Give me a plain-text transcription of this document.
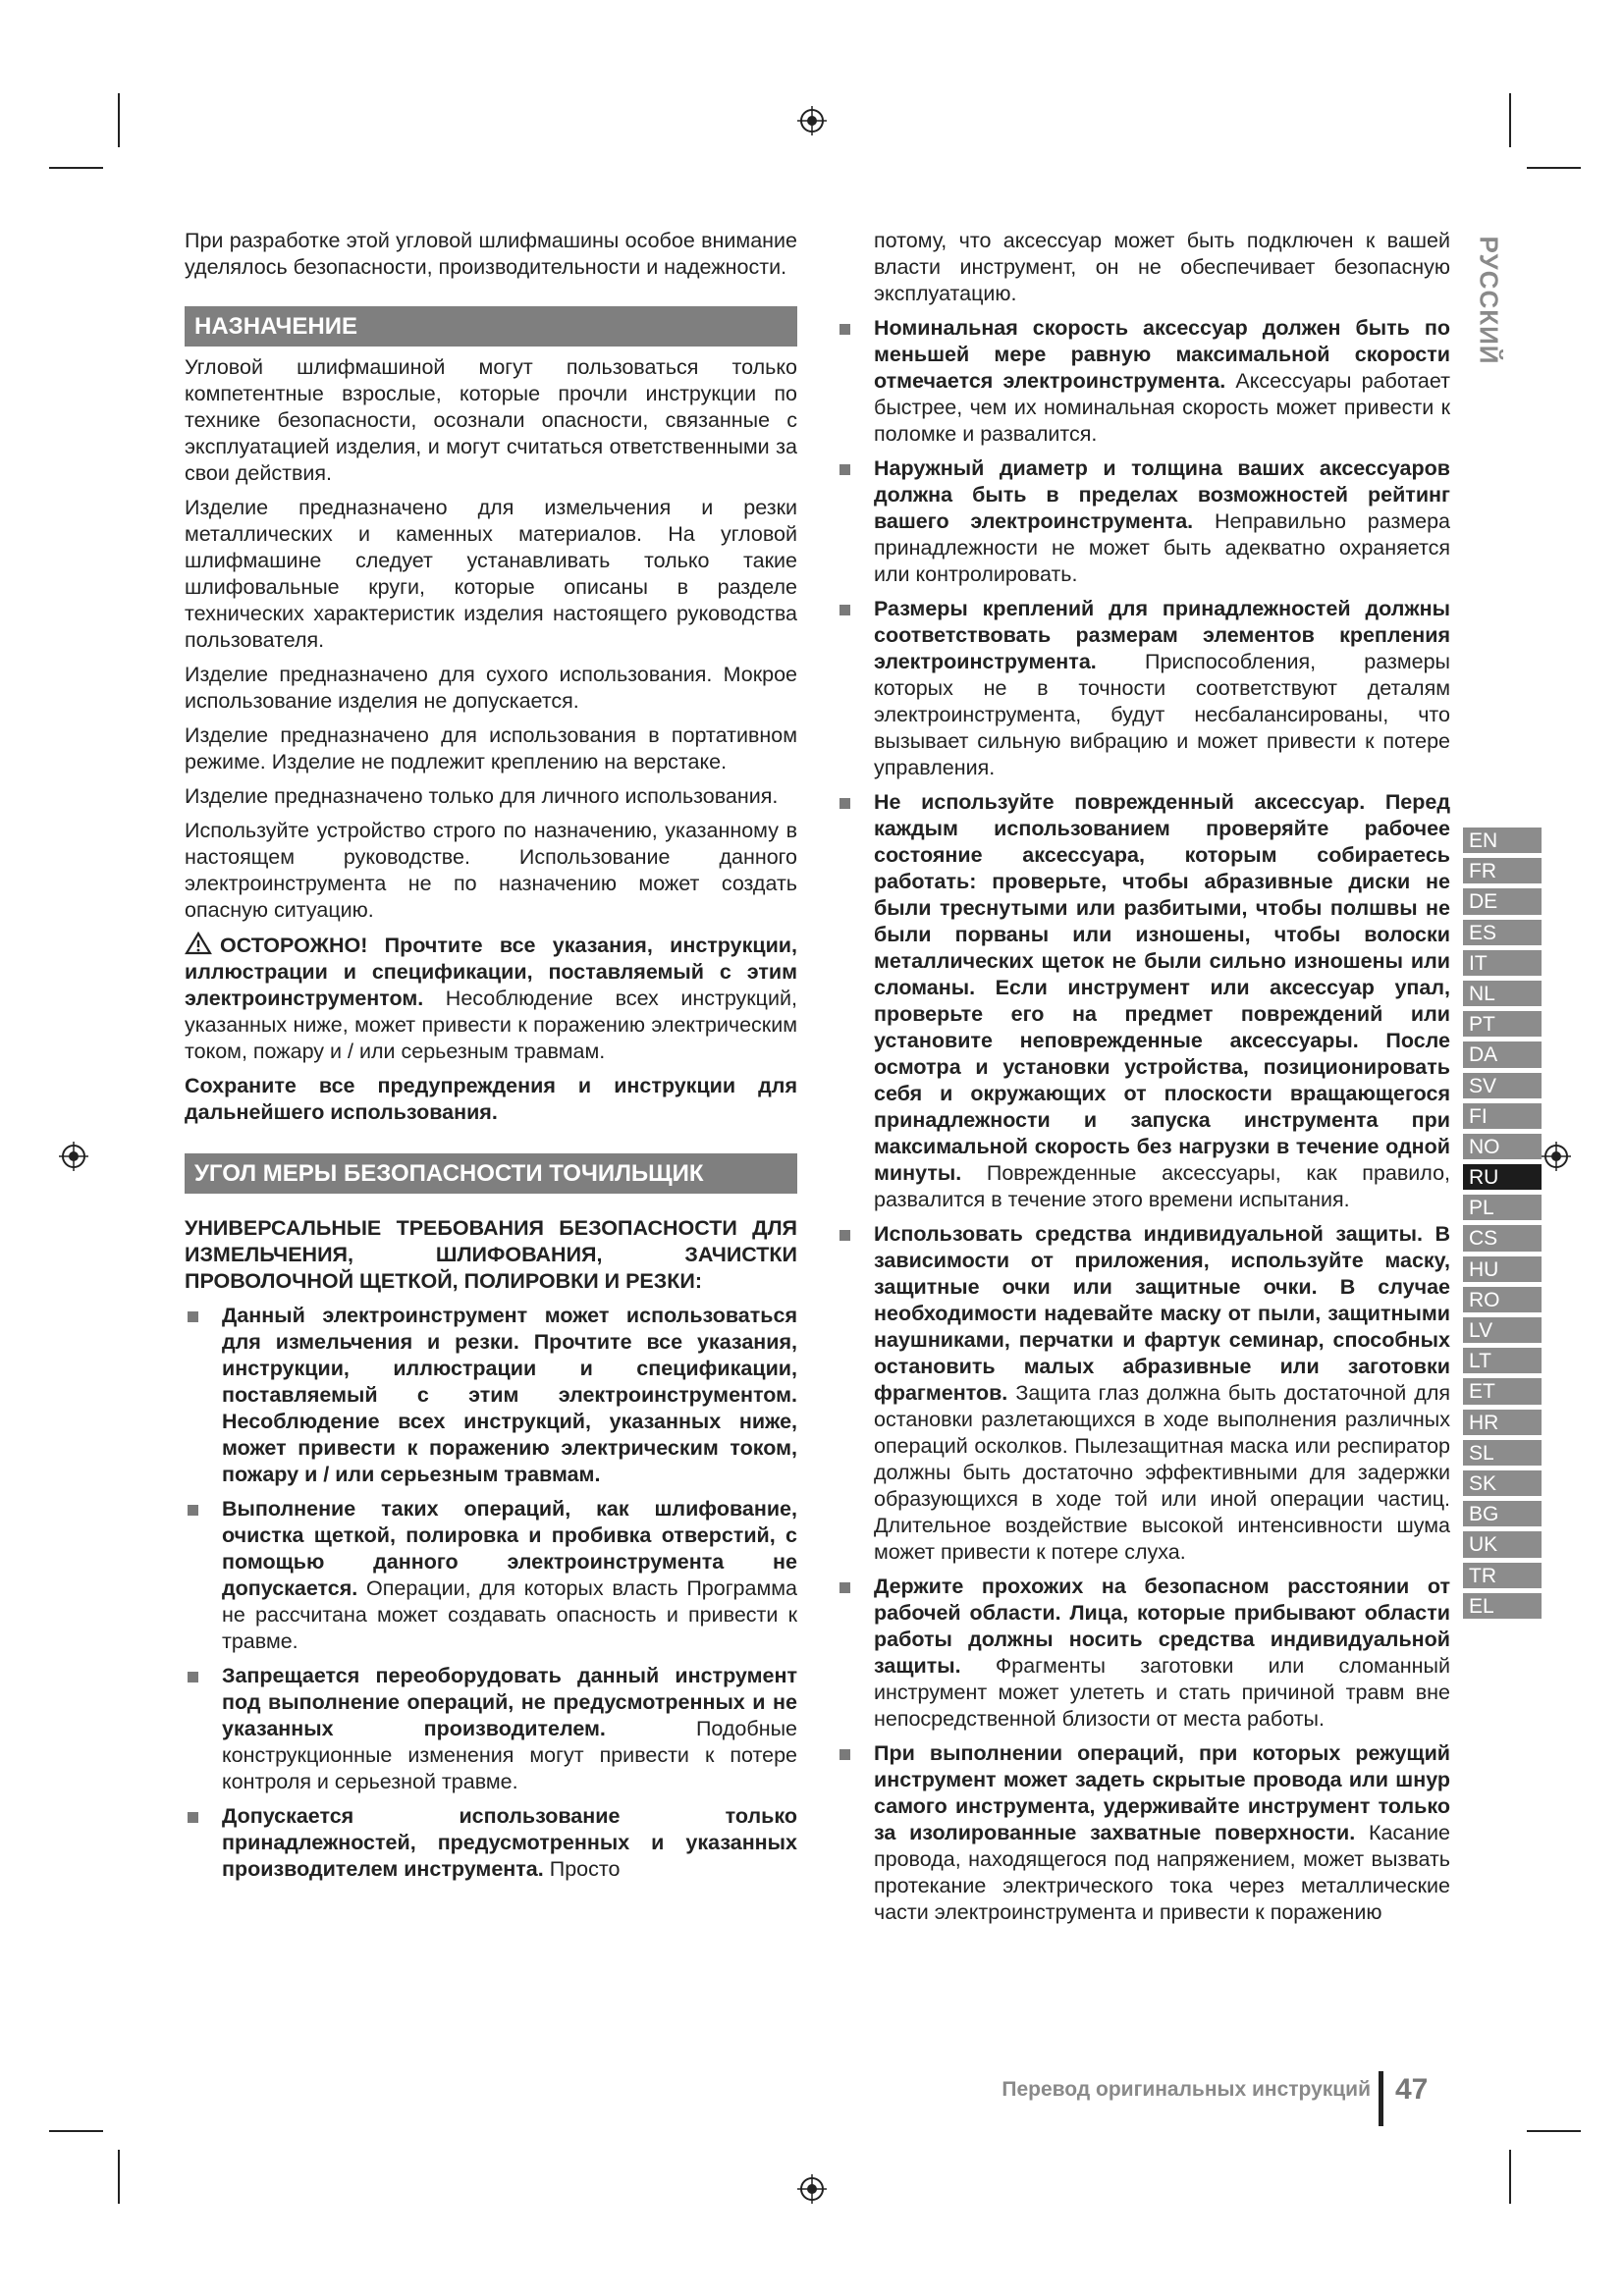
РУССКИЙ

При разработке этой угловой шлифмашины особое внимание уделялось безопасности, производительности и надежности.

НАЗНАЧЕНИЕ

Угловой шлифмашиной могут пользоваться только компетентные взрослые, которые прочли инструкции по технике безопасности, осознали опасности, связанные с эксплуатацией изделия, и могут считаться ответственными за свои действия.

Изделие предназначено для измельчения и резки металлических и каменных материалов. На угловой шлифмашине следует устанавливать только такие шлифовальные круги, которые описаны в разделе технических характеристик изделия настоящего руководства пользователя.

Изделие предназначено для сухого использования. Мокрое использование изделия не допускается.

Изделие предназначено для использования в портативном режиме. Изделие не подлежит креплению на верстаке.

Изделие предназначено только для личного использования.

Используйте устройство строго по назначению, указанному в настоящем руководстве. Использование данного электроинструмента не по назначению может создать опасную ситуацию.

ОСТОРОЖНО! Прочтите все указания, инструкции, иллюстрации и спецификации, поставляемый с этим электроинструментом. Несоблюдение всех инструкций, указанных ниже, может привести к поражению электрическим током, пожару и / или серьезным травмам.

Сохраните все предупреждения и инструкции для дальнейшего использования.

УГОЛ МЕРЫ БЕЗОПАСНОСТИ ТОЧИЛЬЩИК

УНИВЕРСАЛЬНЫЕ ТРЕБОВАНИЯ БЕЗОПАСНОСТИ ДЛЯ ИЗМЕЛЬЧЕНИЯ, ШЛИФОВАНИЯ, ЗАЧИСТКИ ПРОВОЛОЧНОЙ ЩЕТКОЙ, ПОЛИРОВКИ И РЕЗКИ:

Данный электроинструмент может использоваться для измельчения и резки. Прочтите все указания, инструкции, иллюстрации и спецификации, поставляемый с этим электроинструментом. Несоблюдение всех инструкций, указанных ниже, может привести к поражению электрическим током, пожару и / или серьезным травмам.
Выполнение таких операций, как шлифование, очистка щеткой, полировка и пробивка отверстий, с помощью данного электроинструмента не допускается. Операции, для которых власть Программа не рассчитана может создавать опасность и привести к травме.
Запрещается переоборудовать данный инструмент под выполнение операций, не предусмотренных и не указанных производителем.	Подобные конструкционные изменения могут привести к потере контроля и серьезной травме.
Допускается использование только принадлежностей, предусмотренных и указанных производителем инструмента. Просто

потому, что аксессуар может быть подключен к вашей власти инструмент, он не обеспечивает безопасную эксплуатацию.

Номинальная скорость аксессуар должен быть по меньшей мере равную максимальной скорости отмечается электроинструмента. Аксессуары работает быстрее, чем их номинальная скорость может привести к поломке и развалится.
Наружный диаметр и толщина ваших аксессуаров должна быть в пределах возможностей рейтинг вашего электроинструмента. Неправильно размера принадлежности не может быть адекватно охраняется или контролировать.
Размеры креплений для принадлежностей должны соответствовать размерам элементов крепления электроинструмента. Приспособления, размеры которых не в точности соответствуют деталям электроинструмента, будут несбалансированы, что вызывает сильную вибрацию и может привести к потере управления.
Не используйте поврежденный аксессуар. Перед каждым использованием проверяйте рабочее состояние аксессуара, которым собираетесь работать: проверьте, чтобы абразивные диски не были треснутыми или разбитыми, чтобы полшвы не были порваны или изношены, чтобы волоски металлических щеток не были сильно изношены или сломаны. Если инструмент или аксессуар упал, проверьте его на предмет повреждений или установите неповрежденные аксессуары. После осмотра и установки устройства, позиционировать себя и окружающих от плоскости вращающегося принадлежности и запуска инструмента при максимальной скорость без нагрузки в течение одной минуты. Поврежденные аксессуары, как правило, развалится в течение этого времени испытания.
Использовать средства индивидуальной защиты. В зависимости от приложения, используйте маску, защитные очки или защитные очки. В случае необходимости надевайте маску от пыли, защитными наушниками, перчатки и фартук семинар, способных остановить малых абразивные или заготовки фрагментов. Защита глаз должна быть достаточной для остановки разлетающихся в ходе выполнения различных операций осколков. Пылезащитная маска или респиратор должны быть достаточно эффективными для задержки образующихся в ходе той или иной операции частиц. Длительное воздействие высокой интенсивности шума может привести к потере слуха.
Держите прохожих на безопасном расстоянии от рабочей области. Лица, которые прибывают области работы должны носить средства индивидуальной защиты. Фрагменты заготовки или сломанный инструмент может улететь и стать причиной травм вне непосредственной близости от места работы.
При выполнении операций, при которых режущий инструмент может задеть скрытые провода или шнур самого инструмента, удерживайте инструмент только за изолированные захватные поверхности. Касание провода, находящегося под напряжением, может вызвать протекание электрического тока через металлические части электроинструмента и привести к поражению
EN
FR
DE
ES
IT
NL
PT
DA
SV
FI
NO
RU
PL
CS
HU
RO
LV
LT
ET
HR
SL
SK
BG
UK
TR
EL
Перевод оригинальных инструкций 47
